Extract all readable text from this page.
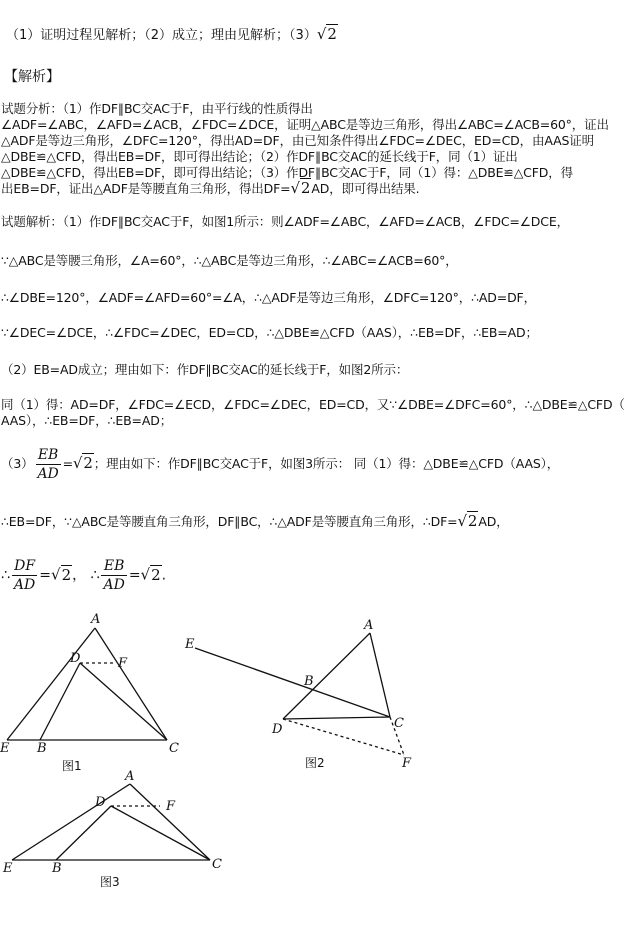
（1）证明过程见解析；（2）成立；理由见解析；（3）√2
【解析】
试题分析：（1）作DF∥BC交AC于F，由平行线的性质得出
∠ADF=∠ABC，∠AFD=∠ACB，∠FDC=∠DCE，证明△ABC是等边三角形，得出∠ABC=∠ACB=60°，证出
△ADF是等边三角形，∠DFC=120°，得出AD=DF，由已知条件得出∠FDC=∠DEC，ED=CD，由AAS证明
△DBE≌△CFD，得出EB=DF，即可得出结论；（2）作DF∥BC交AC的延长线于F，同（1）证出
△DBE≌△CFD，得出EB=DF，即可得出结论；（3）作DF∥BC交AC于F，同（1）得：△DBE≌△CFD，得
出EB=DF，证出△ADF是等腰直角三角形，得出DF=√2AD，即可得出结果.
试题解析：（1）作DF∥BC交AC于F，如图1所示：则∠ADF=∠ABC，∠AFD=∠ACB，∠FDC=∠DCE，
∵△ABC是等腰三角形，∠A=60°，∴△ABC是等边三角形，∴∠ABC=∠ACB=60°，
∴∠DBE=120°，∠ADF=∠AFD=60°=∠A，∴△ADF是等边三角形，∠DFC=120°，∴AD=DF，
∵∠DEC=∠DCE，∴∠FDC=∠DEC，ED=CD，∴△DBE≌△CFD（AAS），∴EB=DF，∴EB=AD；
（2）EB=AD成立；理由如下：作DF∥BC交AC的延长线于F，如图2所示：
同（1）得：AD=DF，∠FDC=∠ECD，∠FDC=∠DEC，ED=CD，又∵∠DBE=∠DFC=60°，∴△DBE≌△CFD（
AAS），∴EB=DF，∴EB=AD；
$(3) \frac{EB}{AD} =√2$；理由如下：作DF∥BC交AC于F，如图3所示： 同（1）得：△DBE≌△CFD（AAS），
∴EB=DF，∵△ABC是等腰直角三角形，DF∥BC，∴△ADF是等腰直角三角形，∴DF=√2AD，
∴ $\frac{DF}{AD} =√2$， ∴ $\frac{EB}{AD} =√2$.
A
D	F
E B	C
图1
A
E
B
D	C
F
图2
A
D	F
E	B	C
图3
